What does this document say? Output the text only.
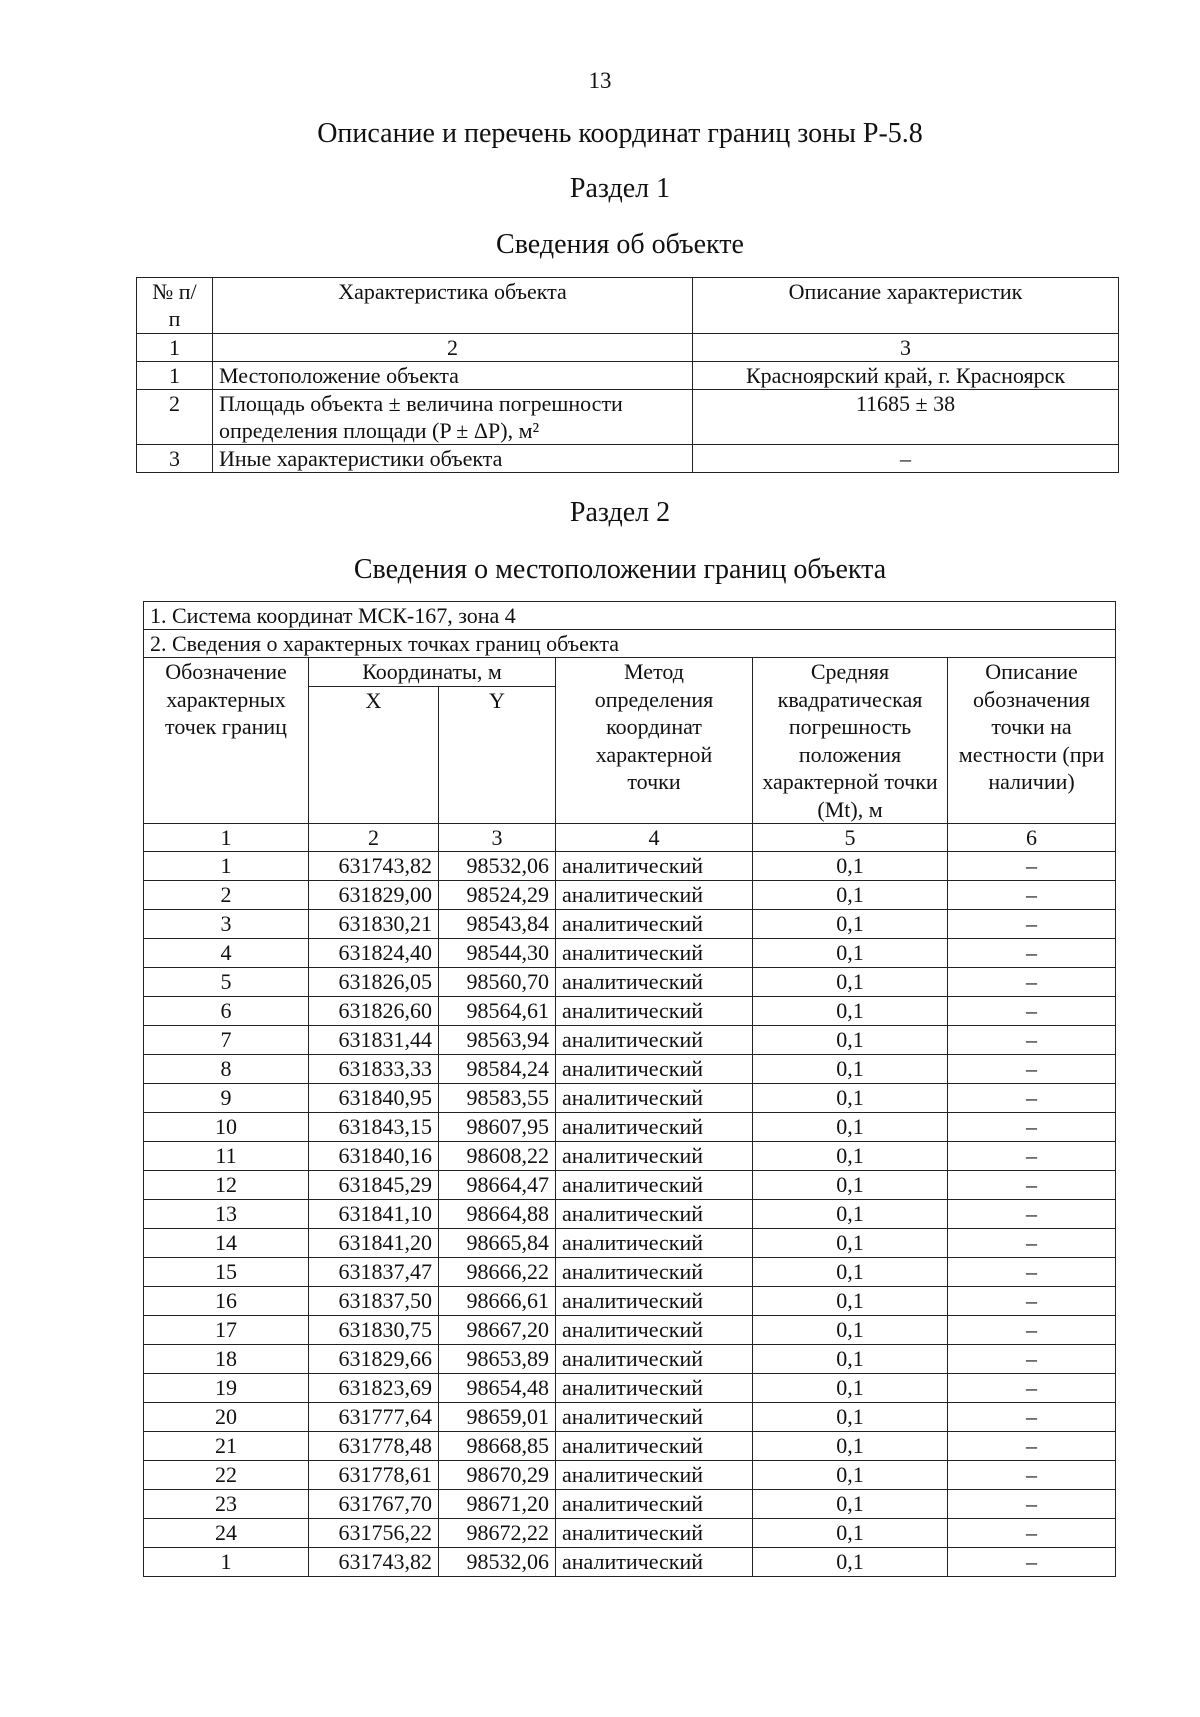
13
Описание и перечень координат границ зоны Р-5.8
Раздел 1
Сведения об объекте
№ п/п	Характеристика объекта	Описание характеристик
1	2	3
1	Местоположение объекта	Красноярский край, г. Красноярск
2	Площадь объекта ± величина погрешности определения площади (P ± ΔP), м²	11685 ± 38
3	Иные характеристики объекта	–
Раздел 2
Сведения о местоположении границ объекта
1. Система координат МСК-167, зона 4					
2. Сведения о характерных точках границ объекта					
Обозначение характерных точек границ	Координаты, м		Метод определения координат характерной точки	Средняя квадратическая погрешность положения характерной точки (Mt), м	Описание обозначения точки на местности (при наличии)
	X	Y			
1	2	3	4	5	6
1	631743,82	98532,06	аналитический	0,1	–
2	631829,00	98524,29	аналитический	0,1	–
3	631830,21	98543,84	аналитический	0,1	–
4	631824,40	98544,30	аналитический	0,1	–
5	631826,05	98560,70	аналитический	0,1	–
6	631826,60	98564,61	аналитический	0,1	–
7	631831,44	98563,94	аналитический	0,1	–
8	631833,33	98584,24	аналитический	0,1	–
9	631840,95	98583,55	аналитический	0,1	–
10	631843,15	98607,95	аналитический	0,1	–
11	631840,16	98608,22	аналитический	0,1	–
12	631845,29	98664,47	аналитический	0,1	–
13	631841,10	98664,88	аналитический	0,1	–
14	631841,20	98665,84	аналитический	0,1	–
15	631837,47	98666,22	аналитический	0,1	–
16	631837,50	98666,61	аналитический	0,1	–
17	631830,75	98667,20	аналитический	0,1	–
18	631829,66	98653,89	аналитический	0,1	–
19	631823,69	98654,48	аналитический	0,1	–
20	631777,64	98659,01	аналитический	0,1	–
21	631778,48	98668,85	аналитический	0,1	–
22	631778,61	98670,29	аналитический	0,1	–
23	631767,70	98671,20	аналитический	0,1	–
24	631756,22	98672,22	аналитический	0,1	–
1	631743,82	98532,06	аналитический	0,1	–
